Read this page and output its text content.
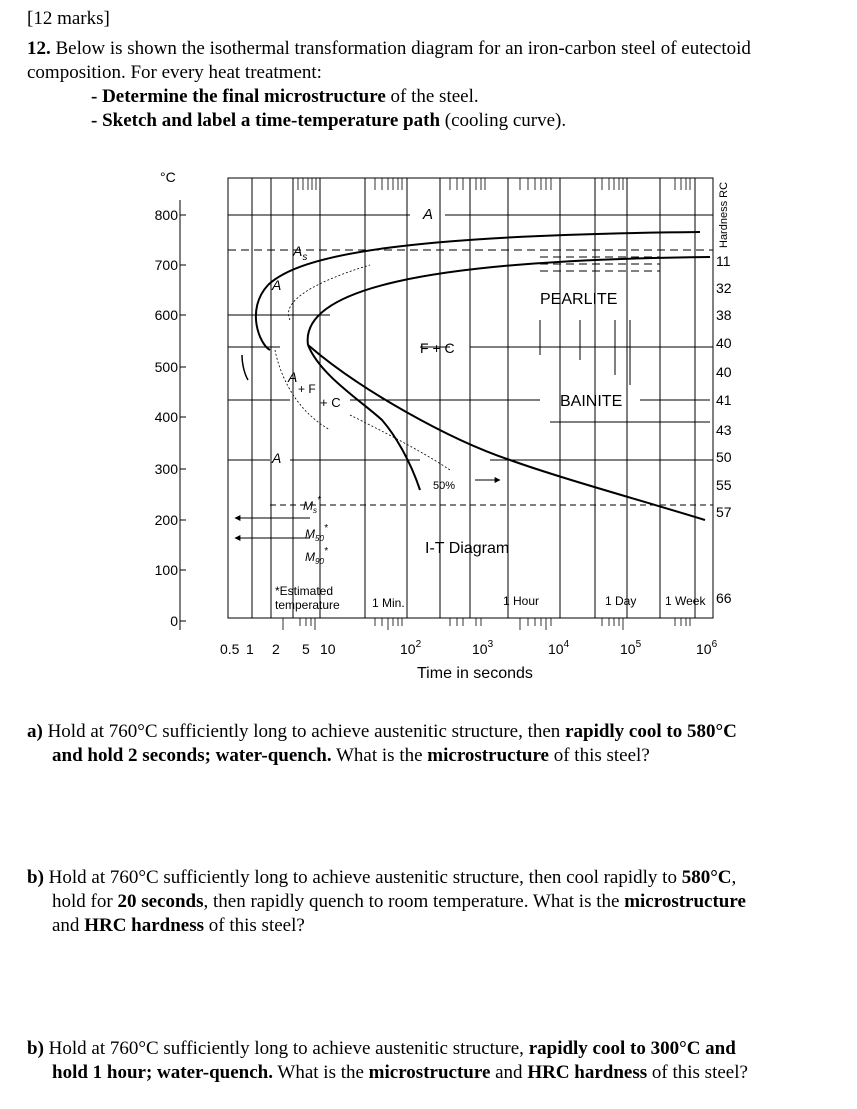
[12 marks]
12. Below is shown the isothermal transformation diagram for an iron-carbon steel of eutectoid
composition. For every heat treatment:
- Determine the final microstructure of the steel.
- Sketch and label a time-temperature path (cooling curve).
°C
800
700
600
500
400
300
200
100
0
A
$A_s$
A
PEARLITE
F + C
A
+ F
+ C	BAINITE
A
50%
$M_s^*$
$M_{50}^*$
$M_{90}^*$	I-T Diagram
*Estimated
temperature	1 Min.	1 Hour	1 Day 1 Week
Hardness RC
11
32
38
40
40
41
43
50
55
57
66
0.5 1 2 5 10	$10^2$	$10^3$	$10^4$	$10^5$	$10^6$
Time in seconds
a) Hold at 760°C sufficiently long to achieve austenitic structure, then rapidly cool to 580°C
and hold 2 seconds; water-quench. What is the microstructure of this steel?
b) Hold at 760°C sufficiently long to achieve austenitic structure, then cool rapidly to 580°C,
hold for 20 seconds, then rapidly quench to room temperature. What is the microstructure
and HRC hardness of this steel?
b) Hold at 760°C sufficiently long to achieve austenitic structure, rapidly cool to 300°C and
hold 1 hour; water-quench. What is the microstructure and HRC hardness of this steel?
